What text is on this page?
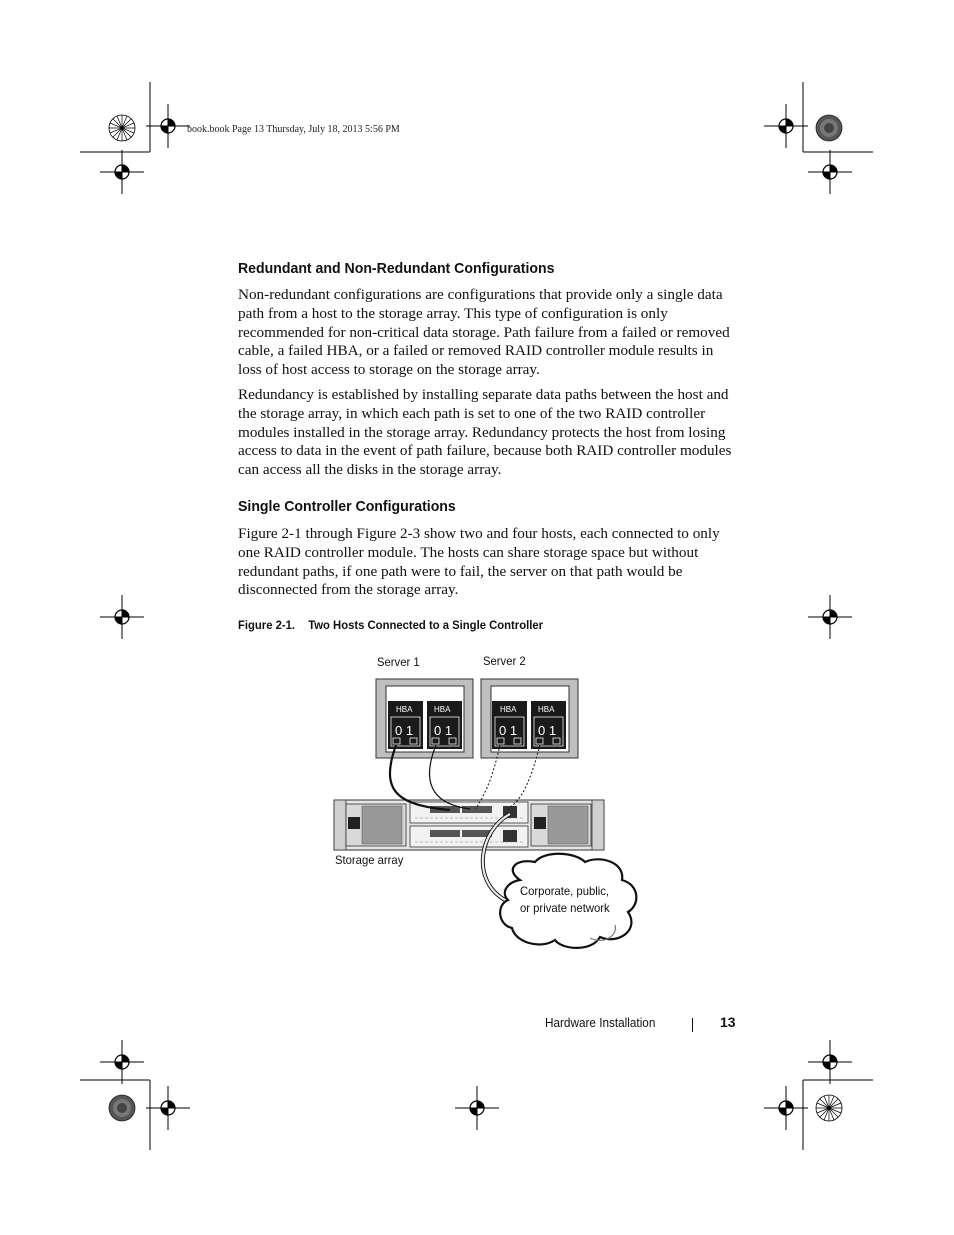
book.book Page 13 Thursday, July 18, 2013 5:56 PM
Redundant and Non-Redundant Configurations

Non-redundant configurations are configurations that provide only a single data path from a host to the storage array. This type of configuration is only recommended for non-critical data storage. Path failure from a failed or removed cable, a failed HBA, or a failed or removed RAID controller module results in loss of host access to storage on the storage array.

Redundancy is established by installing separate data paths between the host and the storage array, in which each path is set to one of the two RAID controller modules installed in the storage array. Redundancy protects the host from losing access to data in the event of path failure, because both RAID controller modules can access all the disks in the storage array.

Single Controller Configurations

Figure 2-1 through Figure 2-3 show two and four hosts, each connected to only one RAID controller module. The hosts can share storage space but without redundant paths, if one path were to fail, the server on that path would be disconnected from the storage array.

Figure 2-1. Two Hosts Connected to a Single Controller
HBA	HBA
0 1 0 1
HBA	HBA
0 1 0 1
Server 1	Server 2
Storage array
Corporate, public,
or private network
Hardware Installation	13
